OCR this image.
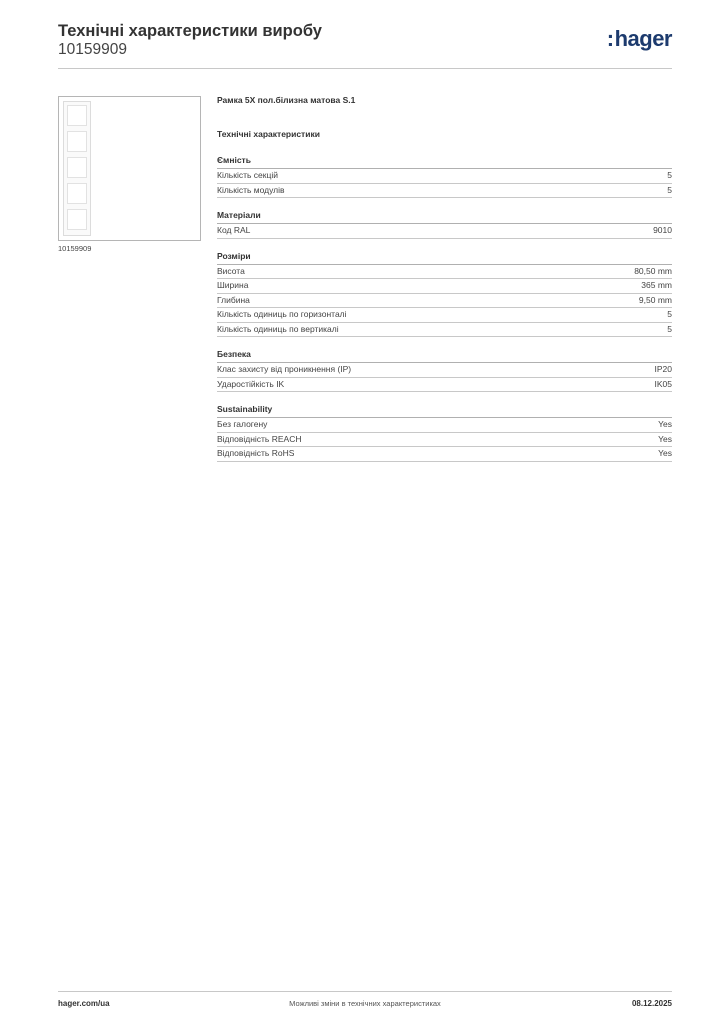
Технічні характеристики виробу
10159909	:hager
10159909
Рамка 5X пол.білизна матова S.1
Технічні характеристики
Ємність
Кількість секцій	5
Кількість модулів	5
Матеріали
Код RAL	9010
Розміри
Висота	80,50 mm
Ширина	365 mm
Глибина	9,50 mm
Кількість одиниць по горизонталі	5
Кількість одиниць по вертикалі	5
Безпека
Клас захисту від проникнення (IP)	IP20
Ударостійкість IK	IK05
Sustainability
Без галогену	Yes
Відповідність REACH	Yes
Відповідність RoHS	Yes
hager.com/ua	Можливі зміни в технічних характеристиках	08.12.2025
